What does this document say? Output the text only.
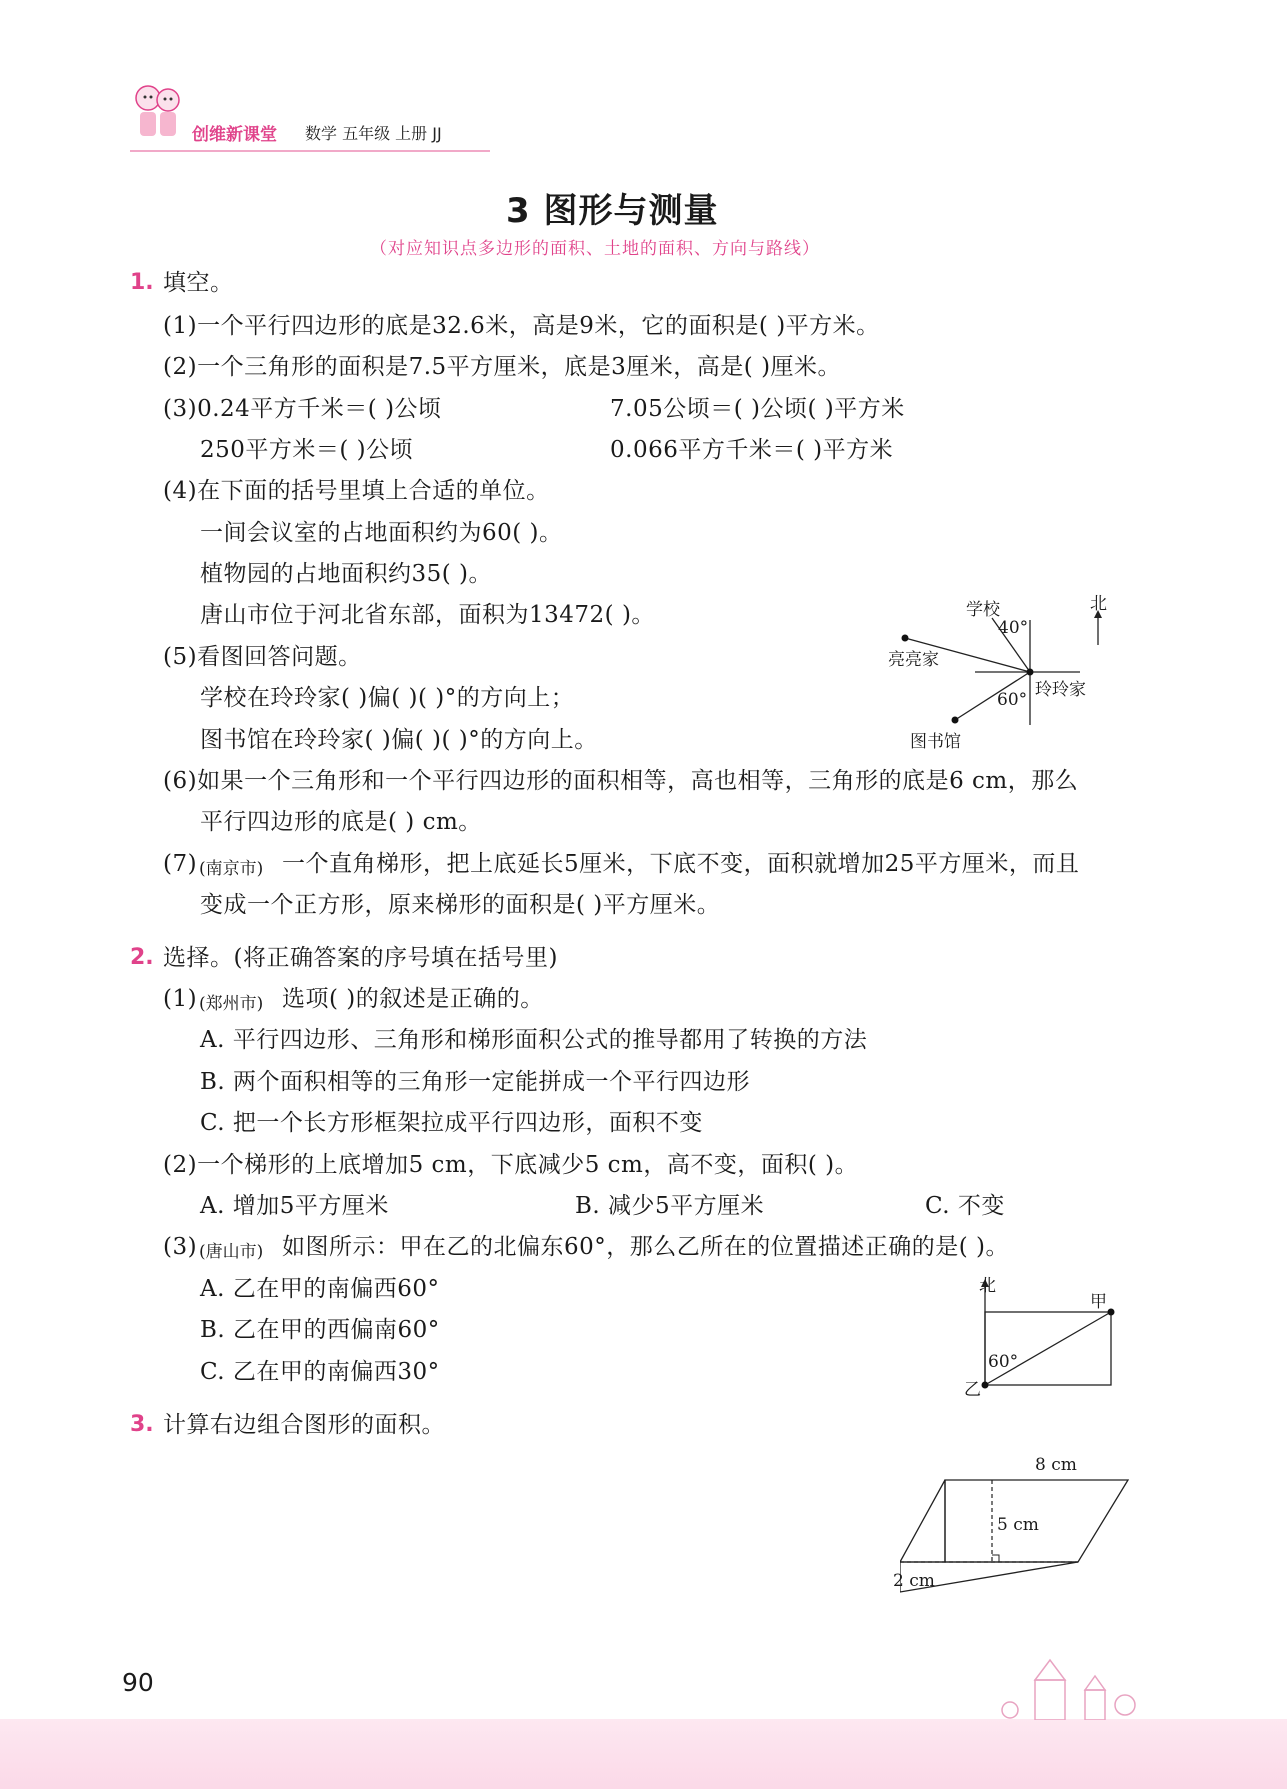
创维新课堂 数学 五年级 上册 JJ
3 图形与测量
（对应知识点多边形的面积、土地的面积、方向与路线）
1. 填空。
(1)一个平行四边形的底是32.6米，高是9米，它的面积是( )平方米。
(2)一个三角形的面积是7.5平方厘米，底是3厘米，高是( )厘米。
(3)0.24平方千米＝( )公顷	7.05公顷＝( )公顷( )平方米
250平方米＝( )公顷	0.066平方千米＝( )平方米
(4)在下面的括号里填上合适的单位。
一间会议室的占地面积约为60( )。
植物园的占地面积约35( )。
唐山市位于河北省东部，面积为13472( )。
(5)看图回答问题。
学校在玲玲家( )偏( )( )°的方向上；
图书馆在玲玲家( )偏( )( )°的方向上。
(6)如果一个三角形和一个平行四边形的面积相等，高也相等，三角形的底是6 cm，那么
平行四边形的底是( ) cm。
(7) (南京市) 一个直角梯形，把上底延长5厘米，下底不变，面积就增加25平方厘米，而且
变成一个正方形，原来梯形的面积是( )平方厘米。
北
学校
40°
亮亮家
玲玲家
60°
图书馆
2. 选择。(将正确答案的序号填在括号里)
(1) (郑州市) 选项( )的叙述是正确的。
A. 平行四边形、三角形和梯形面积公式的推导都用了转换的方法
B. 两个面积相等的三角形一定能拼成一个平行四边形
C. 把一个长方形框架拉成平行四边形，面积不变
(2)一个梯形的上底增加5 cm，下底减少5 cm，高不变，面积( )。
A. 增加5平方厘米	B. 减少5平方厘米	C. 不变
(3) (唐山市) 如图所示：甲在乙的北偏东60°，那么乙所在的位置描述正确的是( )。
A. 乙在甲的南偏西60°
B. 乙在甲的西偏南60°
C. 乙在甲的南偏西30°
北
甲
60°
乙
3. 计算右边组合图形的面积。
8 cm
5 cm
2 cm
90
